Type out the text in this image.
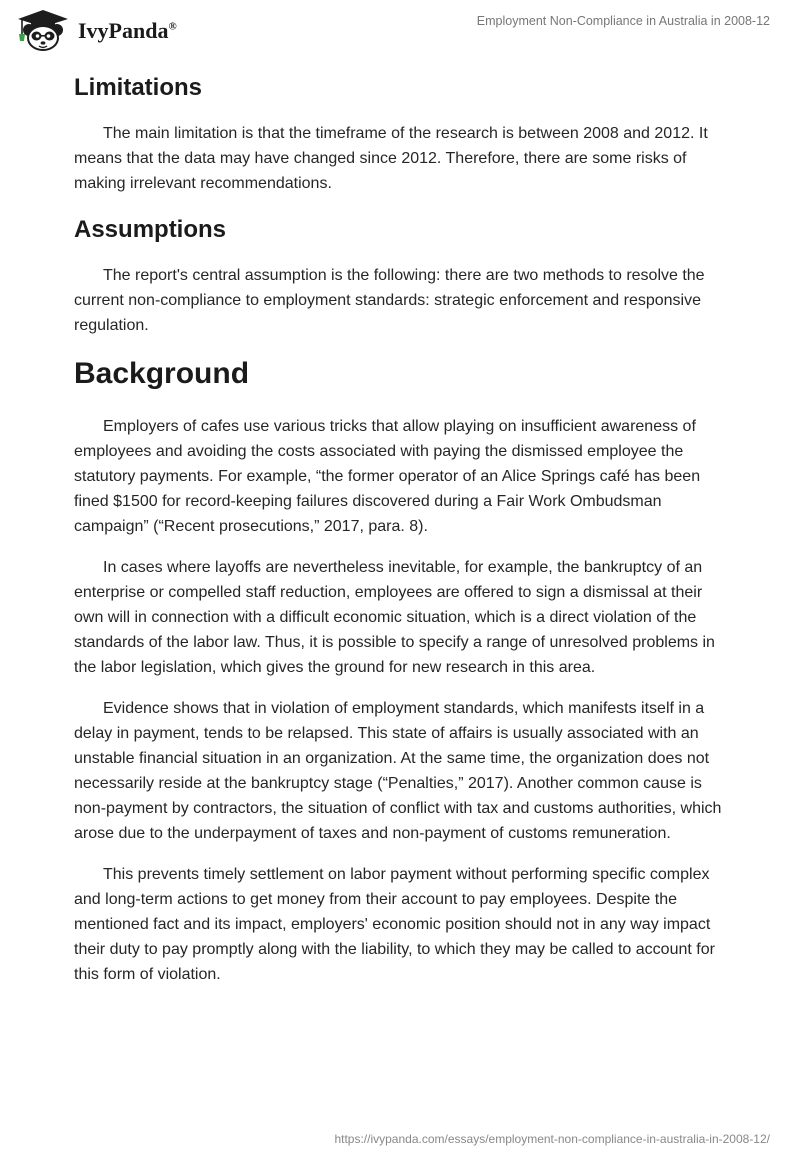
IvyPanda®	Employment Non-Compliance in Australia in 2008-12
Limitations

The main limitation is that the timeframe of the research is between 2008 and 2012. It means that the data may have changed since 2012. Therefore, there are some risks of making irrelevant recommendations.

Assumptions

The report's central assumption is the following: there are two methods to resolve the current non-compliance to employment standards: strategic enforcement and responsive regulation.

Background

Employers of cafes use various tricks that allow playing on insufficient awareness of employees and avoiding the costs associated with paying the dismissed employee the statutory payments. For example, “the former operator of an Alice Springs café has been fined $1500 for record-keeping failures discovered during a Fair Work Ombudsman campaign” (“Recent prosecutions,” 2017, para. 8).

In cases where layoffs are nevertheless inevitable, for example, the bankruptcy of an enterprise or compelled staff reduction, employees are offered to sign a dismissal at their own will in connection with a difficult economic situation, which is a direct violation of the standards of the labor law. Thus, it is possible to specify a range of unresolved problems in the labor legislation, which gives the ground for new research in this area.

Evidence shows that in violation of employment standards, which manifests itself in a delay in payment, tends to be relapsed. This state of affairs is usually associated with an unstable financial situation in an organization. At the same time, the organization does not necessarily reside at the bankruptcy stage (“Penalties,” 2017). Another common cause is non-payment by contractors, the situation of conflict with tax and customs authorities, which arose due to the underpayment of taxes and non-payment of customs remuneration.

This prevents timely settlement on labor payment without performing specific complex and long-term actions to get money from their account to pay employees. Despite the mentioned fact and its impact, employers' economic position should not in any way impact their duty to pay promptly along with the liability, to which they may be called to account for this form of violation.

https://ivypanda.com/essays/employment-non-compliance-in-australia-in-2008-12/
